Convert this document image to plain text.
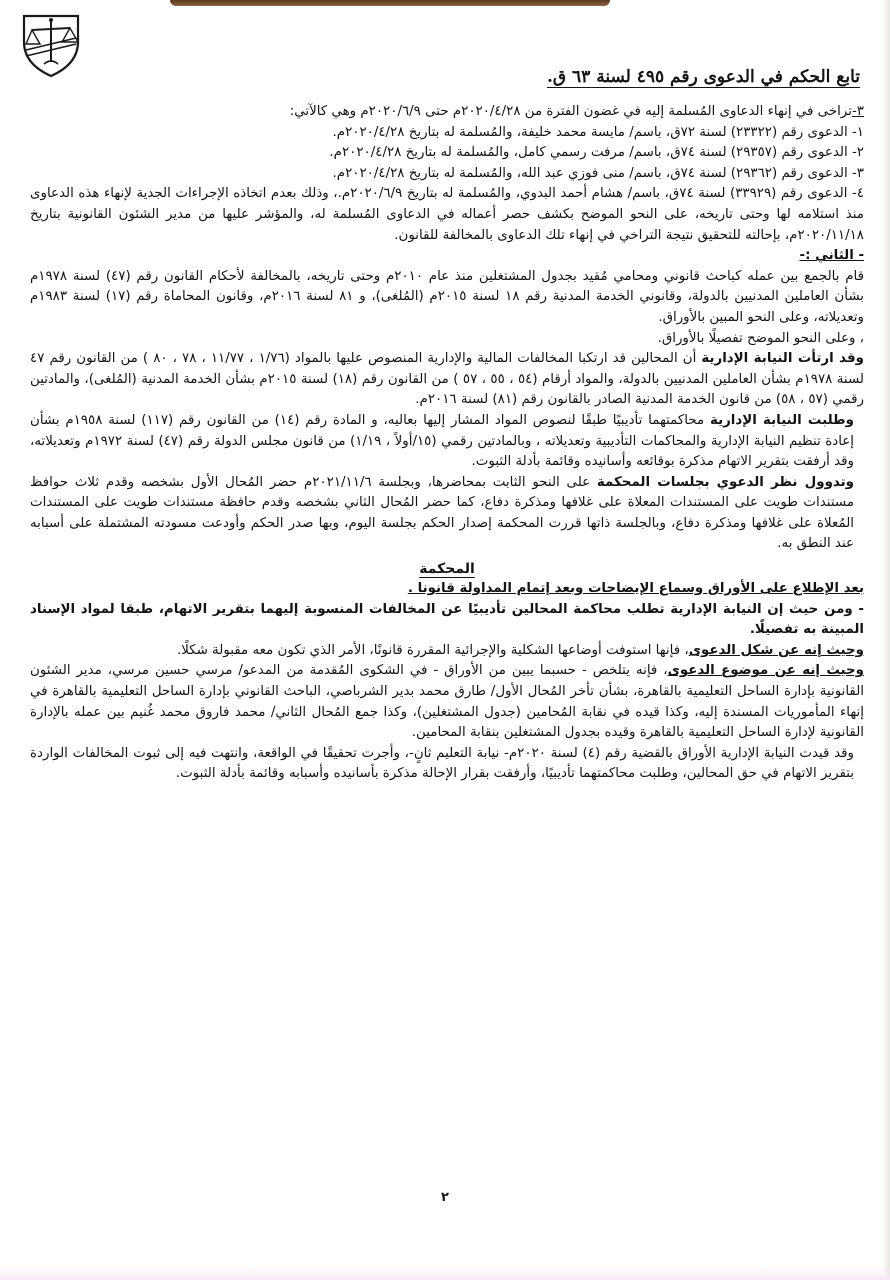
تابع الحكم في الدعوى رقم ٤٩٥ لسنة ٦٣ ق.

٣-تراخى في إنهاء الدعاوى المُسلمة إليه في غضون الفترة من ٢٠٢٠/٤/٢٨م حتى ٢٠٢٠/٦/٩م وهي كالآتي:

١- الدعوى رقم (٢٣٣٢٢) لسنة ٧٢ق، باسم/ مايسة محمد خليفة، والمُسلمة له بتاريخ ٢٠٢٠/٤/٢٨م.

٢- الدعوى رقم (٢٩٣٥٧) لسنة ٧٤ق، باسم/ مرفت رسمي كامل، والمُسلمة له بتاريخ ٢٠٢٠/٤/٢٨م.

٣- الدعوى رقم (٢٩٣٦٢) لسنة ٧٤ق، باسم/ منى فوزي عبد الله، والمُسلمة له بتاريخ ٢٠٢٠/٤/٢٨م.

٤- الدعوى رقم (٣٣٩٢٩) لسنة ٧٤ق، باسم/ هشام أحمد البدوي، والمُسلمة له بتاريخ ٢٠٢٠/٦/٩م.، وذلك بعدم اتخاذه الإجراءات الجدية لإنهاء هذه الدعاوى منذ استلامه لها وحتى تاريخه، على النحو الموضح بكشف حصر أعماله في الدعاوى المُسلمة له، والمؤشر عليها من مدير الشئون القانونية بتاريخ ٢٠٢٠/١١/١٨م، بإحالته للتحقيق نتيجة التراخي في إنهاء تلك الدعاوى بالمخالفة للقانون.

- الثاني :-

قام بالجمع بين عمله كباحث قانوني ومحامي مُقيد بجدول المشتغلين منذ عام ٢٠١٠م وحتى تاريخه، بالمخالفة لأحكام القانون رقم (٤٧) لسنة ١٩٧٨م بشأن العاملين المدنيين بالدولة، وقانوني الخدمة المدنية رقم ١٨ لسنة ٢٠١٥م (المُلغى)، و ٨١ لسنة ٢٠١٦م، وقانون المحاماة رقم (١٧) لسنة ١٩٨٣م وتعديلاته، وعلى النحو المبين بالأوراق.

، وعلى النحو الموضح تفصيلًا بالأوراق.

وقد ارتأت النيابة الإدارية أن المحالين قد ارتكبا المخالفات المالية والإدارية المنصوص عليها بالمواد (١/٧٦ ، ١١/٧٧ ، ٧٨ ، ٨٠ ) من القانون رقم ٤٧ لسنة ١٩٧٨م بشأن العاملين المدنيين بالدولة، والمواد أرقام (٥٤ ، ٥٥ ، ٥٧ ) من القانون رقم (١٨) لسنة ٢٠١٥م بشأن الخدمة المدنية (المُلغى)، والمادتين رقمي (٥٧ ، ٥٨) من قانون الخدمة المدنية الصادر بالقانون رقم (٨١) لسنة ٢٠١٦م.

وطلبت النيابة الإدارية محاكمتهما تأديبيًا طبقًا لنصوص المواد المشار إليها بعاليه، و المادة رقم (١٤) من القانون رقم (١١٧) لسنة ١٩٥٨م بشأن إعادة تنظيم النيابة الإدارية والمحاكمات التأديبية وتعديلاته ، وبالمادتين رقمي (١٥/أولاً ، ١/١٩) من قانون مجلس الدولة رقم (٤٧) لسنة ١٩٧٢م وتعديلاته، وقد أرفقت بتقرير الاتهام مذكرة بوقائعه وأسانيده وقائمة بأدلة الثبوت.

وتدوول نظر الدعوي بجلسات المحكمة على النحو الثابت بمحاضرها، وبجلسة ٢٠٢١/١١/٦م حضر المُحال الأول بشخصه وقدم ثلاث حوافظ مستندات طويت على المستندات المعلاة على غلافها ومذكرة دفاع، كما حضر المُحال الثاني بشخصه وقدم حافظة مستندات طويت على المستندات المُعلاة على غلافها ومذكرة دفاع، وبالجلسة ذاتها قررت المحكمة إصدار الحكم بجلسة اليوم، وبها صدر الحكم وأودعت مسودته المشتملة على أسبابه عند النطق به.

المحكمة

بعد الإطلاع على الأوراق وسماع الإيضاحات وبعد إتمام المداولة قانونا .

- ومن حيث إن النيابة الإدارية تطلب محاكمة المحالين تأديبيًا عن المخالفات المنسوبة إليهما بتقرير الاتهام، طبقا لمواد الإسناد المبينة به تفصيلًا.

وحيث إنه عن شكل الدعوى، فإنها استوفت أوضاعها الشكلية والإجرائية المقررة قانونًا، الأمر الذي تكون معه مقبولة شكلًا.

وحيث إنه عن موضوع الدعوى، فإنه يتلخص - حسبما يبين من الأوراق - في الشكوى المُقدمة من المدعو/ مرسي حسين مرسي، مدير الشئون القانونية بإدارة الساحل التعليمية بالقاهرة، بشأن تأخر المُحال الأول/ طارق محمد بدير الشرباصي، الباحث القانوني بإدارة الساحل التعليمية بالقاهرة في إنهاء المأموريات المسندة إليه، وكذا قيده في نقابة المُحامين (جدول المشتغلين)، وكذا جمع المُحال الثاني/ محمد فاروق محمد غُنيم بين عمله بالإدارة القانونية لإدارة الساحل التعليمية بالقاهرة وقيده بجدول المشتغلين بنقابة المحامين.

وقد قيدت النيابة الإدارية الأوراق بالقضية رقم (٤) لسنة ٢٠٢٠م- نيابة التعليم ثانٍ-، وأجرت تحقيقًا في الواقعة، وانتهت فيه إلى ثبوت المخالفات الواردة بتقرير الاتهام في حق المحالين، وطلبت محاكمتهما تأديبيًا، وأرفقت بقرار الإحالة مذكرة بأسانيده وأسبابه وقائمة بأدلة الثبوت.

٢
